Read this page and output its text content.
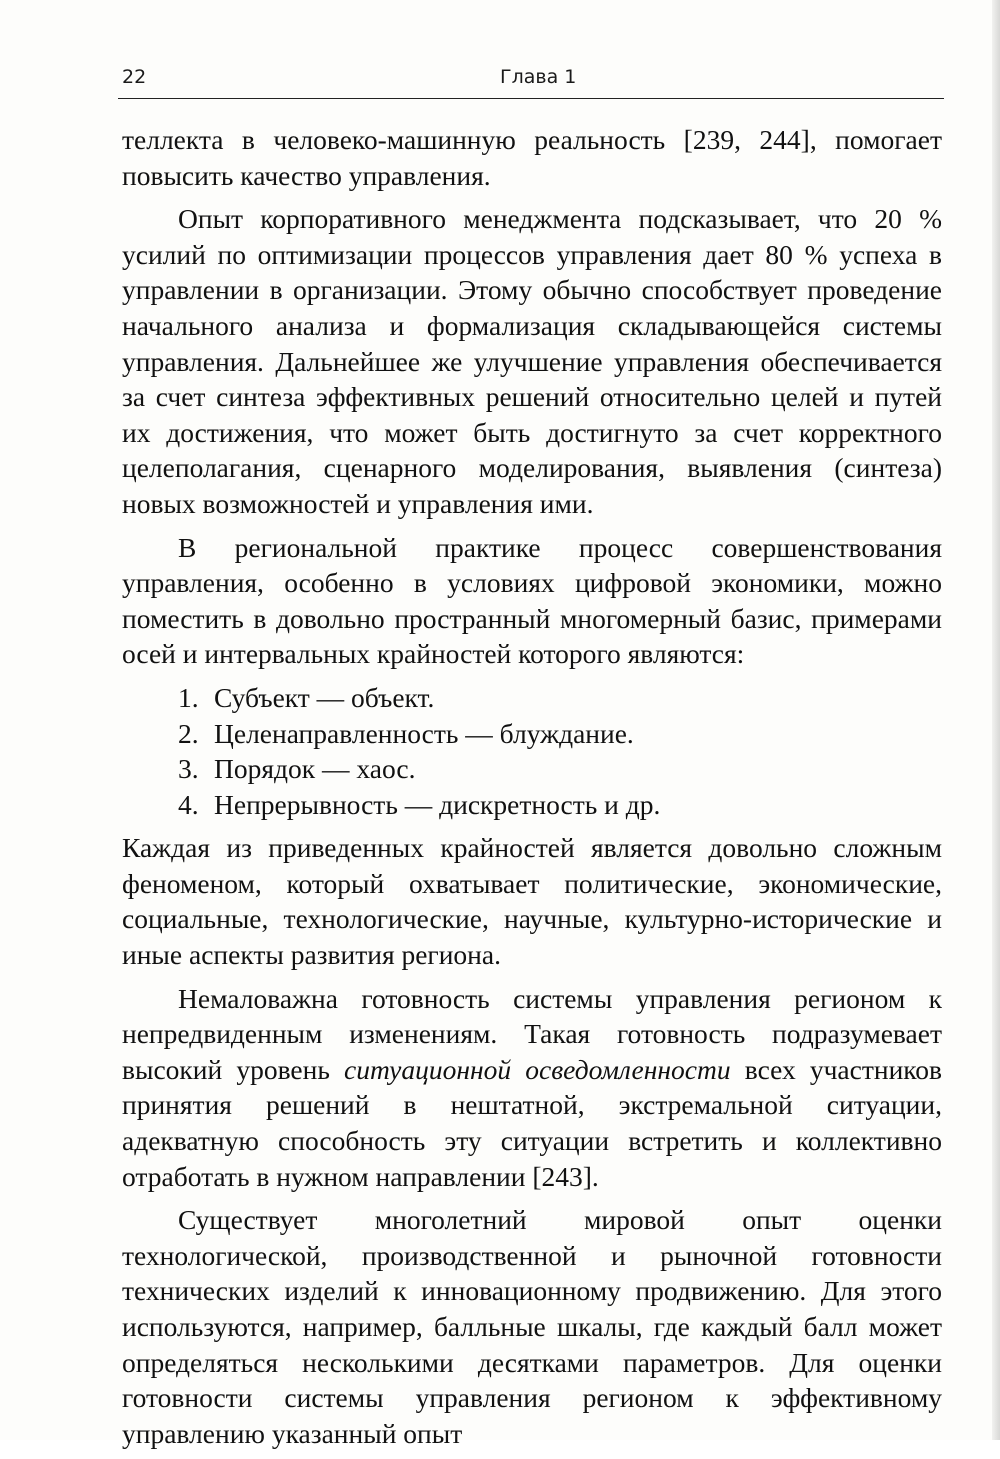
22	Глава 1

теллекта в человеко-машинную реальность [239, 244], помогает повысить качество управления.

Опыт корпоративного менеджмента подсказывает, что 20 % усилий по оптимизации процессов управления дает 80 % успеха в управлении в организации. Этому обычно способствует проведение начального анализа и формализация складывающейся системы управления. Дальнейшее же улучшение управления обеспечивается за счет синтеза эффективных решений относительно целей и путей их достижения, что может быть достигнуто за счет корректного целеполагания, сценарного моделирования, выявления (синтеза) новых возможностей и управления ими.

В региональной практике процесс совершенствования управления, особенно в условиях цифровой экономики, можно поместить в довольно пространный многомерный базис, примерами осей и интервальных крайностей которого являются:

1. Субъект — объект.
2. Целенаправленность — блуждание.
3. Порядок — хаос.
4. Непрерывность — дискретность и др.

Каждая из приведенных крайностей является довольно сложным феноменом, который охватывает политические, экономические, социальные, технологические, научные, культурно-исторические и иные аспекты развития региона.

Немаловажна готовность системы управления регионом к непредвиденным изменениям. Такая готовность подразумевает высокий уровень ситуационной осведомленности всех участников принятия решений в нештатной, экстремальной ситуации, адекватную способность эту ситуации встретить и коллективно отработать в нужном направлении [243].

Существует многолетний мировой опыт оценки технологической, производственной и рыночной готовности технических изделий к инновационному продвижению. Для этого используются, например, балльные шкалы, где каждый балл может определяться несколькими десятками параметров. Для оценки готовности системы управления регионом к эффективному управлению указанный опыт
